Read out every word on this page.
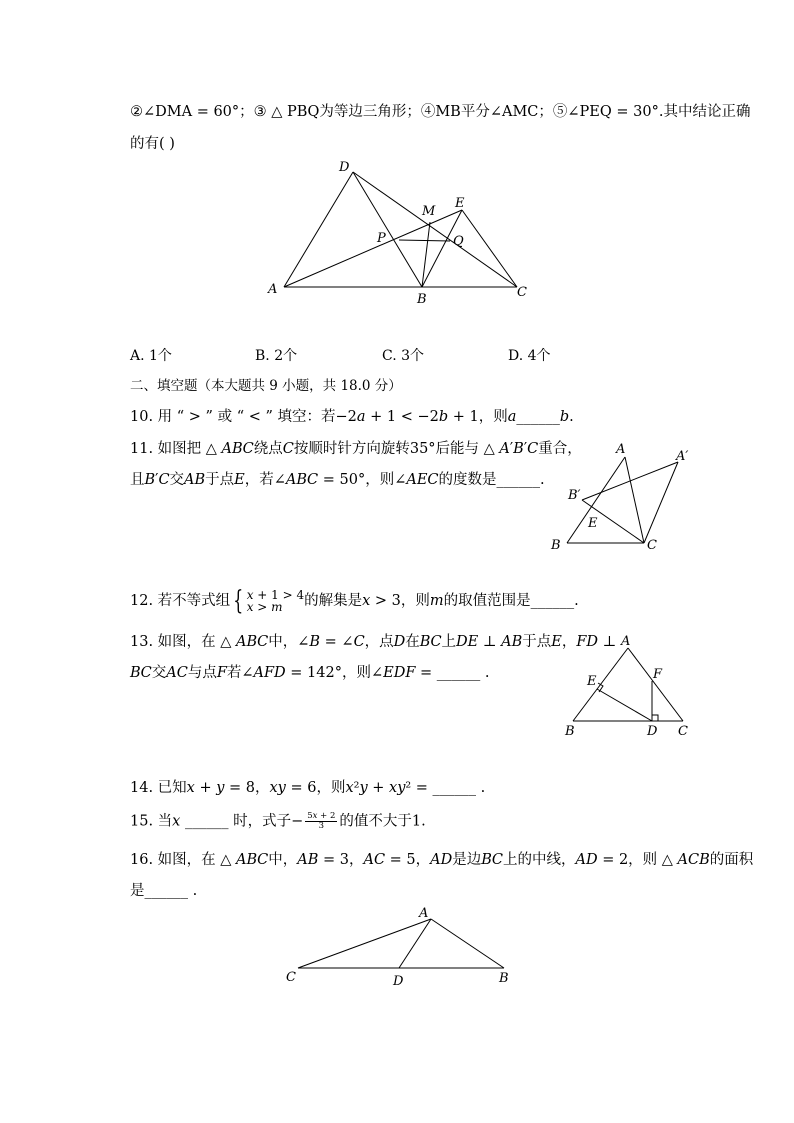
②∠DMA = 60°；③ △ PBQ为等边三角形；④MB平分∠AMC；⑤∠PEQ = 30°.其中结论正确
的有( )
D
M
E
P	Q
A
B	C
A. 1个	B. 2个	C. 3个	D. 4个
二、填空题（本大题共 9 小题，共 18.0 分）
10. 用 “ > ” 或 “ < ” 填空：若−2𝑎 + 1 < −2𝑏 + 1，则𝑎______𝑏.
11. 如图把 △ 𝐴𝐵𝐶绕点𝐶按顺时针方向旋转35°后能与 △ 𝐴′𝐵′𝐶重合，
且𝐵′𝐶交𝐴𝐵于点𝐸，若∠𝐴𝐵𝐶 = 50°，则∠𝐴𝐸𝐶的度数是______.
A	A′
B′
E
B	C
12. 若不等式组 { 𝑥 + 1 > 4
𝑥 > 𝑚	的解集是𝑥 > 3，则𝑚的取值范围是______.
13. 如图，在 △ 𝐴𝐵𝐶中，∠𝐵 = ∠𝐶，点𝐷在𝐵𝐶上𝐷𝐸 ⊥ 𝐴𝐵于点𝐸，𝐹𝐷 ⊥
𝐵𝐶交𝐴𝐶与点𝐹若∠𝐴𝐹𝐷 = 142°，则∠𝐸𝐷𝐹 = ______ .
A
E	F
B	D C
14. 已知𝑥 + 𝑦 = 8，𝑥𝑦 = 6，则𝑥²𝑦 + 𝑥𝑦² = ______ .
15. 当𝑥 ______ 时，式子− $\frac{\text{5𝑥 + 2}}{3}$ 的值不大于1.
16. 如图，在 △ 𝐴𝐵𝐶中，𝐴𝐵 = 3，𝐴𝐶 = 5，𝐴𝐷是边𝐵𝐶上的中线，𝐴𝐷 = 2，则 △ 𝐴𝐶𝐵的面积
是______ .
A
C	D	B
